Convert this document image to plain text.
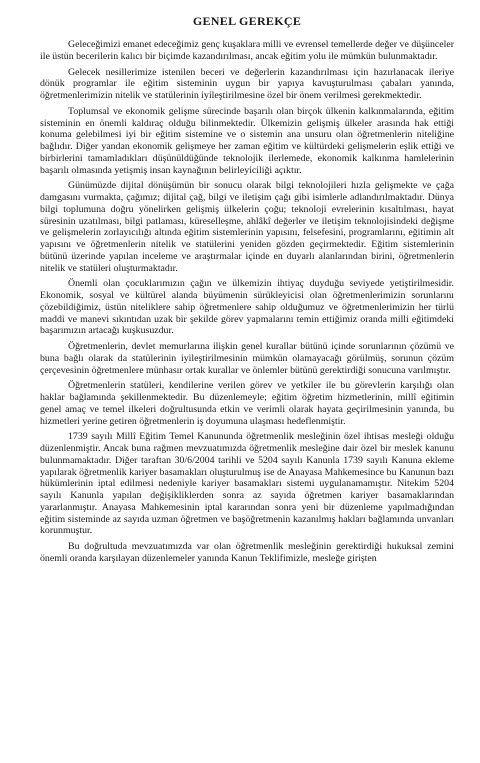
GENEL GEREKÇE

Geleceğimizi emanet edeceğimiz genç kuşaklara milli ve evrensel temellerde değer ve düşünceler ile üstün becerilerin kalıcı bir biçimde kazandırılması, ancak eğitim yolu ile mümkün bulunmaktadır.

Gelecek nesillerimize istenilen beceri ve değerlerin kazandırılması için hazırlanacak ileriye dönük programlar ile eğitim sisteminin uygun bir yapıya kavuşturulması çabaları yanında, öğretmenlerimizin nitelik ve statülerinin iyileştirilmesine özel bir önem verilmesi gerekmektedir.

Toplumsal ve ekonomik gelişme sürecinde başarılı olan birçok ülkenin kalkınmalarında, eğitim sisteminin en önemli kaldıraç olduğu bilinmektedir. Ülkemizin gelişmiş ülkeler arasında hak ettiği konuma gelebilmesi iyi bir eğitim sistemine ve o sistemin ana unsuru olan öğretmenlerin niteliğine bağlıdır. Diğer yandan ekonomik gelişmeye her zaman eğitim ve kültürdeki gelişmelerin eşlik ettiği ve birbirlerini tamamladıkları düşünüldüğünde teknolojik ilerlemede, ekonomik kalkınma hamlelerinin başarılı olmasında yetişmiş insan kaynağının belirleyiciliği açıktır.

Günümüzde dijital dönüşümün bir sonucu olarak bilgi teknolojileri hızla gelişmekte ve çağa damgasını vurmakta, çağımız; dijital çağ, bilgi ve iletişim çağı gibi isimlerle adlandırılmaktadır. Dünya bilgi toplumuna doğru yönelirken gelişmiş ülkelerin çoğu; teknoloji evrelerinin kısaltılması, hayat süresinin uzatılması, bilgi patlaması, küreselleşme, ahlâkî değerler ve iletişim teknolojisindeki değişme ve gelişmelerin zorlayıcılığı altında eğitim sistemlerinin yapısını, felsefesini, programlarını, eğitimin alt yapısını ve öğretmenlerin nitelik ve statülerini yeniden gözden geçirmektedir. Eğitim sistemlerinin bütünü üzerinde yapılan inceleme ve araştırmalar içinde en duyarlı alanlarından birini, öğretmenlerin nitelik ve statüleri oluşturmaktadır.

Önemli olan çocuklarımızın çağın ve ülkemizin ihtiyaç duyduğu seviyede yetiştirilmesidir. Ekonomik, sosyal ve kültürel alanda büyümenin sürükleyicisi olan öğretmenlerimizin sorunlarını çözebildiğimiz, üstün niteliklere sahip öğretmenlere sahip olduğumuz ve öğretmenlerimizin her türlü maddi ve manevi sıkıntıdan uzak bir şekilde görev yapmalarını temin ettiğimiz oranda milli eğitimdeki başarımızın artacağı kuşkusuzdur.

Öğretmenlerin, devlet memurlarına ilişkin genel kurallar bütünü içinde sorunlarının çözümü ve buna bağlı olarak da statülerinin iyileştirilmesinin mümkün olamayacağı görülmüş, sorunun çözüm çerçevesinin öğretmenlere münhasır ortak kurallar ve önlemler bütünü gerektirdiği sonucuna varılmıştır.

Öğretmenlerin statüleri, kendilerine verilen görev ve yetkiler ile bu görevlerin karşılığı olan haklar bağlamında şekillenmektedir. Bu düzenlemeyle; eğitim öğretim hizmetlerinin, millî eğitimin genel amaç ve temel ilkeleri doğrultusunda etkin ve verimli olarak hayata geçirilmesinin yanında, bu hizmetleri yerine getiren öğretmenlerin iş doyumuna ulaşması hedeflenmiştir.

1739 sayılı Millî Eğitim Temel Kanununda öğretmenlik mesleğinin özel ihtisas mesleği olduğu düzenlenmiştir. Ancak buna rağmen mevzuatımızda öğretmenlik mesleğine dair özel bir meslek kanunu bulunmamaktadır. Diğer taraftan 30/6/2004 tarihli ve 5204 sayılı Kanunla 1739 sayılı Kanuna ekleme yapılarak öğretmenlik kariyer basamakları oluşturulmuş ise de Anayasa Mahkemesince bu Kanunun bazı hükümlerinin iptal edilmesi nedeniyle kariyer basamakları sistemi uygulanamamıştır. Nitekim 5204 sayılı Kanunla yapılan değişikliklerden sonra az sayıda öğretmen kariyer basamaklarından yararlanmıştır. Anayasa Mahkemesinin iptal kararından sonra yeni bir düzenleme yapılmadığından eğitim sisteminde az sayıda uzman öğretmen ve başöğretmenin kazanılmış hakları bağlamında unvanları korunmuştur.

Bu doğrultuda mevzuatımızda var olan öğretmenlik mesleğinin gerektirdiği hukuksal zemini önemli oranda karşılayan düzenlemeler yanında Kanun Teklifimizle, mesleğe girişten
